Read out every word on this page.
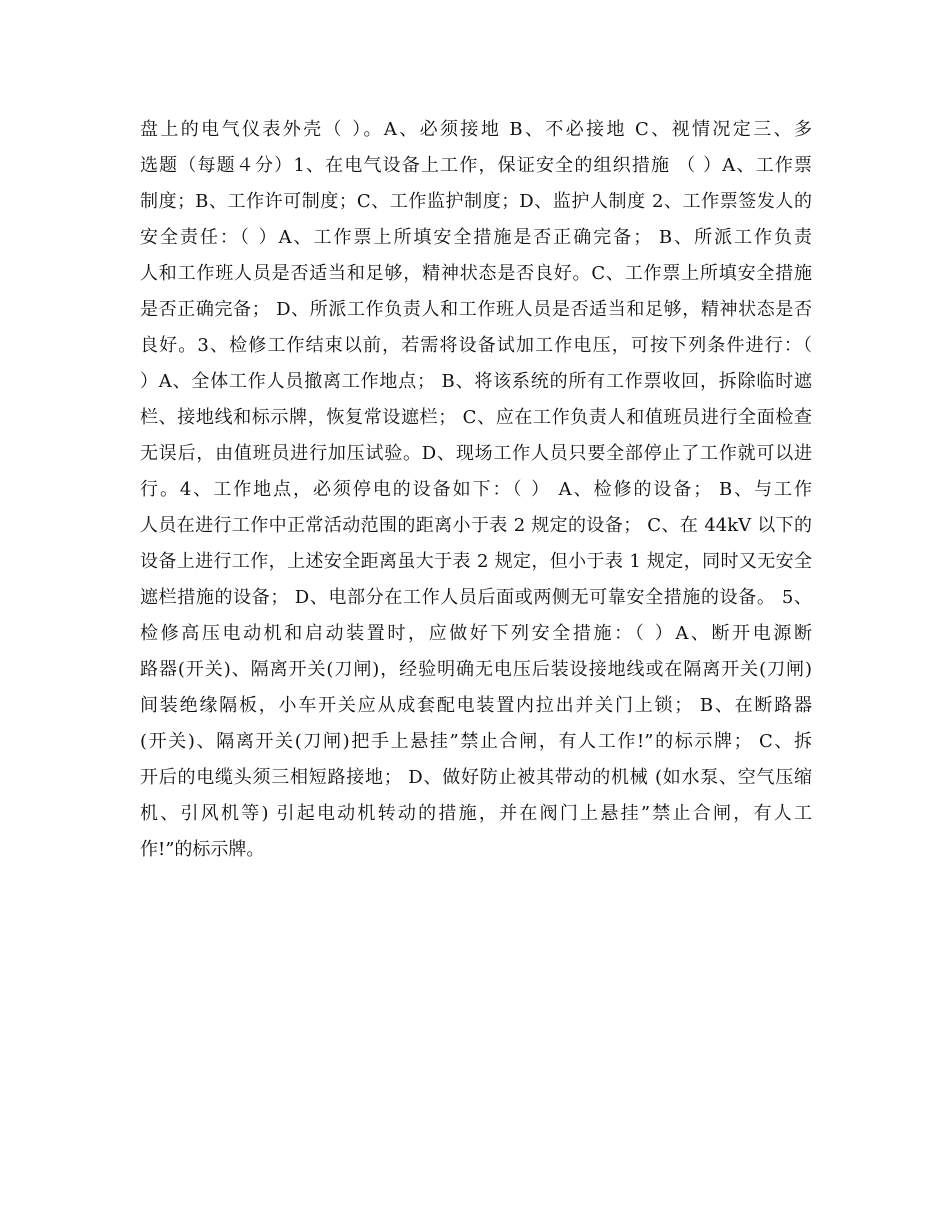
盘上的电气仪表外壳（ ）。A、必须接地 B、不必接地 C、视情况定三、多
选题（每题４分）1、在电气设备上工作，保证安全的组织措施 （ ）A、工作票
制度；B、工作许可制度；C、工作监护制度；D、监护人制度 2、工作票签发人的
安全责任：（ ）A、工作票上所填安全措施是否正确完备； B、所派工作负责
人和工作班人员是否适当和足够，精神状态是否良好。C、工作票上所填安全措施
是否正确完备； D、所派工作负责人和工作班人员是否适当和足够，精神状态是否
良好。3、检修工作结束以前，若需将设备试加工作电压，可按下列条件进行：（
）A、全体工作人员撤离工作地点； B、将该系统的所有工作票收回，拆除临时遮
栏、接地线和标示牌，恢复常设遮栏； C、应在工作负责人和值班员进行全面检查
无误后，由值班员进行加压试验。D、现场工作人员只要全部停止了工作就可以进
行。4、工作地点，必须停电的设备如下：（ ） A、检修的设备； B、与工作
人员在进行工作中正常活动范围的距离小于表 2 规定的设备； C、在 44kV 以下的
设备上进行工作，上述安全距离虽大于表 2 规定，但小于表 1 规定，同时又无安全
遮栏措施的设备； D、电部分在工作人员后面或两侧无可靠安全措施的设备。 5、
检修高压电动机和启动装置时，应做好下列安全措施：（ ）A、断开电源断
路器(开关)、隔离开关(刀闸)，经验明确无电压后装设接地线或在隔离开关(刀闸)
间装绝缘隔板，小车开关应从成套配电装置内拉出并关门上锁； B、在断路器
(开关)、隔离开关(刀闸)把手上悬挂”禁止合闸，有人工作!”的标示牌； C、拆
开后的电缆头须三相短路接地； D、做好防止被其带动的机械 (如水泵、空气压缩
机、引风机等) 引起电动机转动的措施，并在阀门上悬挂”禁止合闸，有人工
作!”的标示牌。
